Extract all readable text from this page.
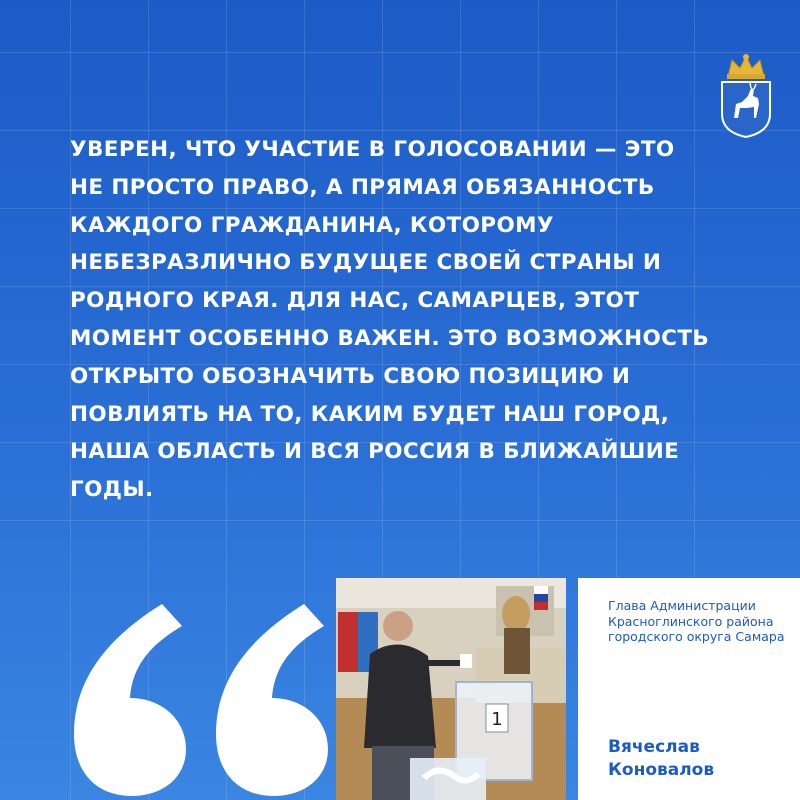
УВЕРЕН, ЧТО УЧАСТИЕ В ГОЛОСОВАНИИ — ЭТО НЕ ПРОСТО ПРАВО, А ПРЯМАЯ ОБЯЗАННОСТЬ КАЖДОГО ГРАЖДАНИНА, КОТОРОМУ НЕБЕЗРАЗЛИЧНО БУДУЩЕЕ СВОЕЙ СТРАНЫ И РОДНОГО КРАЯ. ДЛЯ НАС, САМАРЦЕВ, ЭТОТ МОМЕНТ ОСОБЕННО ВАЖЕН. ЭТО ВОЗМОЖНОСТЬ ОТКРЫТО ОБОЗНАЧИТЬ СВОЮ ПОЗИЦИЮ И ПОВЛИЯТЬ НА ТО, КАКИМ БУДЕТ НАШ ГОРОД, НАША ОБЛАСТЬ И ВСЯ РОССИЯ В БЛИЖАЙШИЕ ГОДЫ.

1

Глава Администрации Красноглинского района городского округа Самара

Вячеслав Коновалов
